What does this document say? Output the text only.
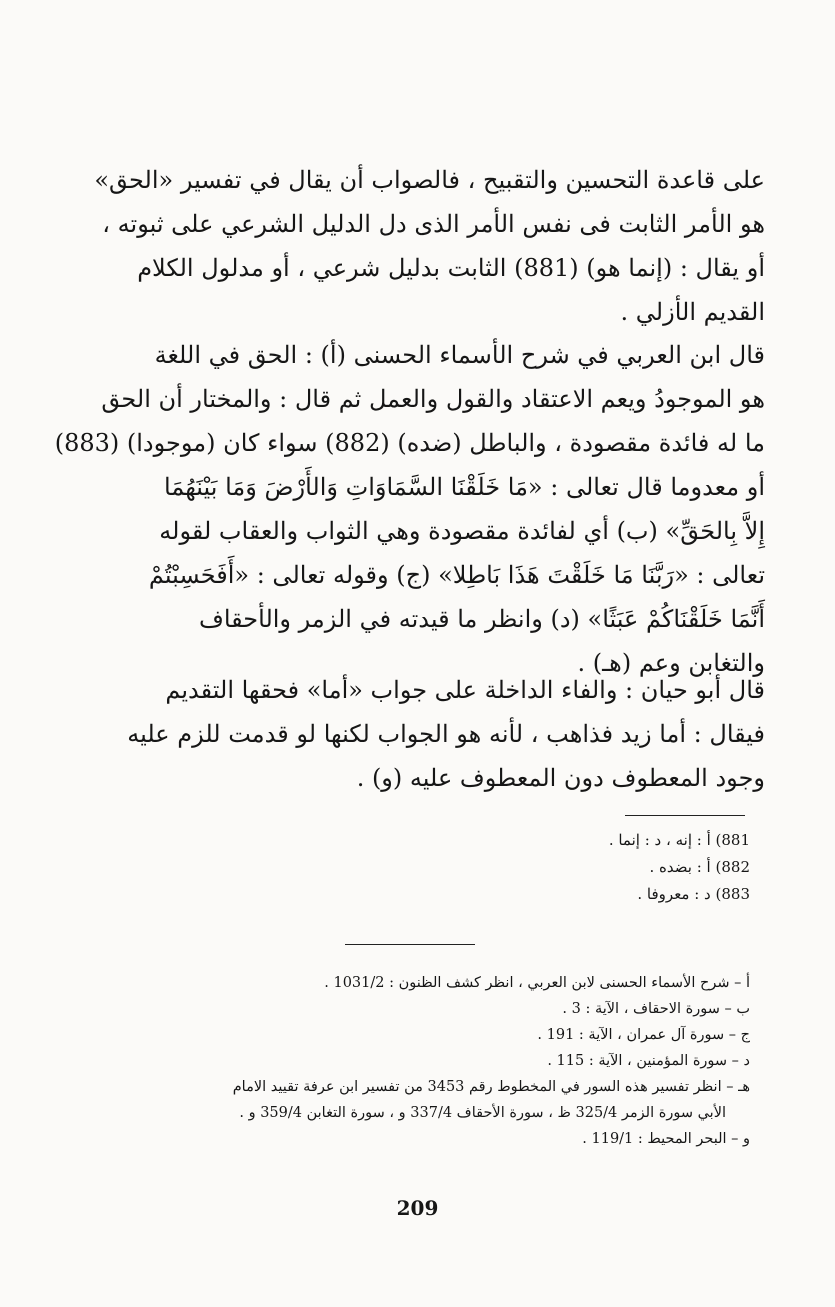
على قاعدة التحسين والتقبيح ، فالصواب أن يقال في تفسير «الحق»
هو الأمر الثابت فى نفس الأمر الذى دل الدليل الشرعي على ثبوته ،
أو يقال : (إنما هو) (881) الثابت بدليل شرعي ، أو مدلول الكلام
القديم الأزلي .
قال ابن العربي في شرح الأسماء الحسنى (أ) : الحق في اللغة
هو الموجودُ ويعم الاعتقاد والقول والعمل ثم قال : والمختار أن الحق
ما له فائدة مقصودة ، والباطل (ضده) (882) سواء كان (موجودا) (883)
أو معدوما قال تعالى : «مَا خَلَقْنَا السَّمَاوَاتِ وَالأَرْضَ وَمَا بَيْنَهُمَا
إِلاَّ بِالحَقِّ» (ب) أي لفائدة مقصودة وهي الثواب والعقاب لقوله
تعالى : «رَبَّنَا مَا خَلَقْتَ هَذَا بَاطِلا» (ج) وقوله تعالى : «أَفَحَسِبْتُمْ
أَنَّمَا خَلَقْنَاكُمْ عَبَثًا» (د) وانظر ما قيدته في الزمر والأحقاف
والتغابن وعم (هـ) .
قال أبو حيان : والفاء الداخلة على جواب «أما» فحقها التقديم
فيقال : أما زيد فذاهب ، لأنه هو الجواب لكنها لو قدمت للزم عليه
وجود المعطوف دون المعطوف عليه (و) .
881) أ : إنه ، د : إنما .
882) أ : بضده .
883) د : معروفا .
أ – شرح الأسماء الحسنى لابن العربي ، انظر كشف الظنون : 1031/2 .
ب – سورة الاحقاف ، الآية : 3 .
ج – سورة آل عمران ، الآية : 191 .
د – سورة المؤمنين ، الآية : 115 .
هـ – انظر تفسير هذه السور في المخطوط رقم 3453 من تفسير ابن عرفة تقييد الامام
الأبي سورة الزمر 325/4 ظ ، سورة الأحقاف 337/4 و ، سورة التغابن 359/4 و .
و – البحر المحيط : 119/1 .
209
